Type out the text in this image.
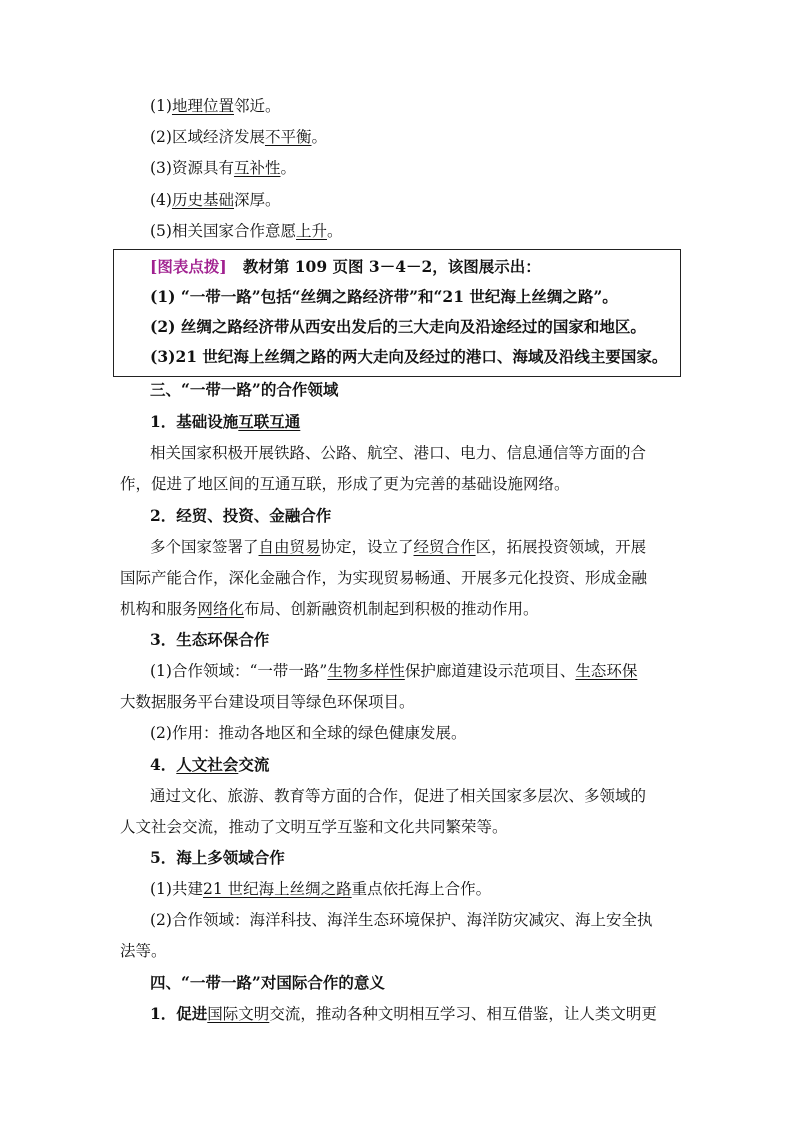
(1)地理位置邻近。
(2)区域经济发展不平衡。
(3)资源具有互补性。
(4)历史基础深厚。
(5)相关国家合作意愿上升。
[图表点拨] 教材第 109 页图 3－4－2，该图展示出：
(1) “一带一路”包括“丝绸之路经济带”和“21 世纪海上丝绸之路”。
(2) 丝绸之路经济带从西安出发后的三大走向及沿途经过的国家和地区。
(3)21 世纪海上丝绸之路的两大走向及经过的港口、海域及沿线主要国家。
三、“一带一路”的合作领域
1．基础设施互联互通
相关国家积极开展铁路、公路、航空、港口、电力、信息通信等方面的合
作，促进了地区间的互通互联，形成了更为完善的基础设施网络。
2．经贸、投资、金融合作
多个国家签署了自由贸易协定，设立了经贸合作区，拓展投资领域，开展
国际产能合作，深化金融合作，为实现贸易畅通、开展多元化投资、形成金融
机构和服务网络化布局、创新融资机制起到积极的推动作用。
3．生态环保合作
(1)合作领域：“一带一路”生物多样性保护廊道建设示范项目、生态环保
大数据服务平台建设项目等绿色环保项目。
(2)作用：推动各地区和全球的绿色健康发展。
4．人文社会交流
通过文化、旅游、教育等方面的合作，促进了相关国家多层次、多领域的
人文社会交流，推动了文明互学互鉴和文化共同繁荣等。
5．海上多领域合作
(1)共建21 世纪海上丝绸之路重点依托海上合作。
(2)合作领域：海洋科技、海洋生态环境保护、海洋防灾减灾、海上安全执
法等。
四、“一带一路”对国际合作的意义
1．促进国际文明交流，推动各种文明相互学习、相互借鉴，让人类文明更
